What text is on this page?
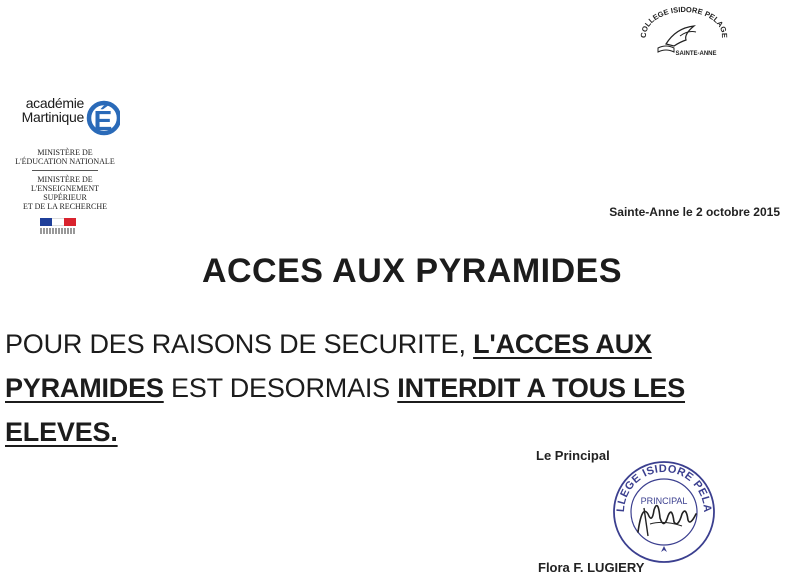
COLLEGE ISIDORE PELAGE
SAINTE-ANNE
académie
Martinique É
MINISTÈRE DE
L'ÉDUCATION NATIONALE
MINISTÈRE DE
L'ENSEIGNEMENT SUPÉRIEUR
ET DE LA RECHERCHE	Sainte-Anne le 2 octobre 2015
ACCES AUX PYRAMIDES
POUR DES RAISONS DE SECURITE, L'ACCES AUX PYRAMIDES EST DESORMAIS INTERDIT A TOUS LES ELEVES.
Le Principal
LLEGE ISIDORE PELA
PRINCIPAL
Flora F. LUGIERY
